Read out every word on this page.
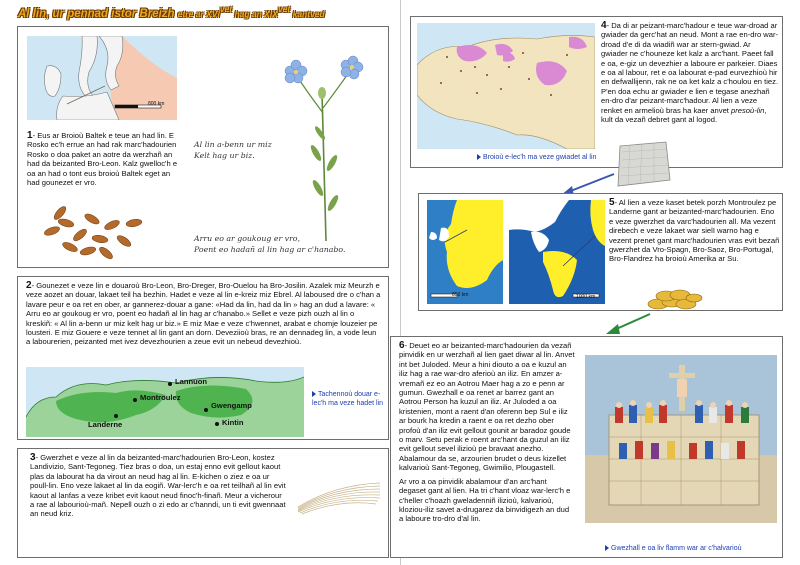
Al lin, ur pennad istor Breizh etre ar $XVI^{vet}$ hag an $XIX^{vet}$ kantved
800 km
1- Eus ar Broioù Baltek e teue an had lin. E Rosko ec'h errue an had rak marc'hadourien Rosko o doa paket an aotre da werzhañ an had da beizanted Bro-Leon. Kalz gwelloc'h e oa an had o tont eus broioù Baltek eget an had gounezet er vro.
Al lin a-benn ur miz
Kelt hag ur biz.
Arru eo ar goukoug er vro,
Poent eo hadañ al lin hag ar c'hanabo.
2- Gounezet e veze lin e douaroù Bro-Leon, Bro-Dreger, Bro-Ouelou ha Bro-Josilin. Azalek miz Meurzh e veze aozet an douar, lakaet teil ha bezhin. Hadet e veze al lin e-kreiz miz Ebrel. Al laboused dre o c'han a lavare peur e oa ret en ober, ar gannerez-douar a gane: «Had da lin, had da lin » hag an dud a lavare: « Arru eo ar goukoug er vro, poent eo hadañ al lin hag ar c'hanabo.» Sellet e veze pizh ouzh al lin o kreskiñ: « Al lin a-benn ur miz kelt hag ur biz.» E miz Mae e veze c'hwennet, arabat e chomje louzeier pe lousteri. E miz Gouere e veze tennet al lin gant an dorn. Deveziioù bras, re an dennadeg lin, a vode leun a labourerien, peizanted met ivez devezhourien a zeue evit un nebeud devezhioù.
Lannuon
Montroulez
Gwengamp
Landerne	Kintin
Tachennoù douar e-lec'h ma veze hadet lin
3- Gwerzhet e veze al lin da beizanted-marc'hadourien Bro-Leon, kostez Landivizio, Sant-Tegoneg. Tiez bras o doa, un estaj enno evit gellout kaout plas da labourat ha da virout an neud hag al lin. E-kichen o ziez e oa ur poull-lin. Eno veze lakaet al lin da eogiñ. War-lerc'h e oa ret teilhañ al lin evit kaout al lanfas a veze kribet evit kaout neud finoc'h-finañ. Meur a vicherour a rae al labourioù-mañ. Nepell ouzh o zi edo ar c'hanndi, un ti evit gwennaat an neud kriz.
Broioù e-lec'h ma veze gwiadet al lin
4- Da di ar peizant-marc'hadour e teue war-droad ar gwiader da gerc'hat an neud. Mont a rae en-dro war-droad d'e di da wiadiñ war ar stern-gwiad. Ar gwiader ne c'houneze ket kalz a arc'hant. Paeet fall e oa, e-giz un devezhier a laboure er parkeier. Diaes e oa al labour, ret e oa labourat e-pad eurvezhioù hir en defwallijenn, rak ne oa ket kalz a c'houlou en tiez. P'en doa echu ar gwiader e lien e tegase anezhañ en-dro d'ar peizant-marc'hadour. Al lien a veze renket en armelioù bras ha kaer anvet presoù-lin, kult da vezañ debret gant al logod.
850 km	1000 km
5- Al lien a veze kaset betek porzh Montroulez pe Landerne gant ar beizanted-marc'hadourien. Eno e veze gwerzhet da varc'hadourien all. Ma vezent direbech e veze lakaet war sielI warno hag e vezent prenet gant marc'hadourien vras evit bezañ gwerzhet da Vro-Spagn, Bro-Saoz, Bro-Portugal, Bro-Flandrez ha broioù Amerika ar Su.

6- Deuet eo ar beizanted-marc'hadourien da vezañ pinvidik en ur werzhañ al lien gaet diwar al lin. Anvet int bet Juloded. Meur a hini diouto a oa e kuzul an iliz hag a rae war-dro aferioù an iliz. En amzer a-vremañ ez eo an Aotrou Maer hag a zo e penn ar gumun. Gwezhall e oa renet ar barrez gant an Aotrou Person ha kuzul an iliz. Ar Juloded a oa kristenien, mont a raent d'an oferenn bep Sul e iliz ar bourk ha kredin a raent e oa ret dezho ober profoù d'an iliz evit gellout gounit ar baradoz goude o marv. Setu perak e roent arc'hant da guzul an iliz evit gellout sevel ilizioù pe bravaat anezho. Abalamour da se, arzourien brudet o deus kizellet kalvarioù Sant-Tegoneg, Gwimilio, Plougastell.

Ar vro a oa pinvidik abalamour d'an arc'hant degaset gant al lien. Ha tri c'hant vloaz war-lerc'h e c'heller c'hoazh gweladenniñ ilizioù, kalvarioù, kloziou-iliz savet a-drugarez da binvidigezh an dud a laboure tro-dro d'al lin.

Gwezhall e oa liv flamm war ar c'halvarioù
